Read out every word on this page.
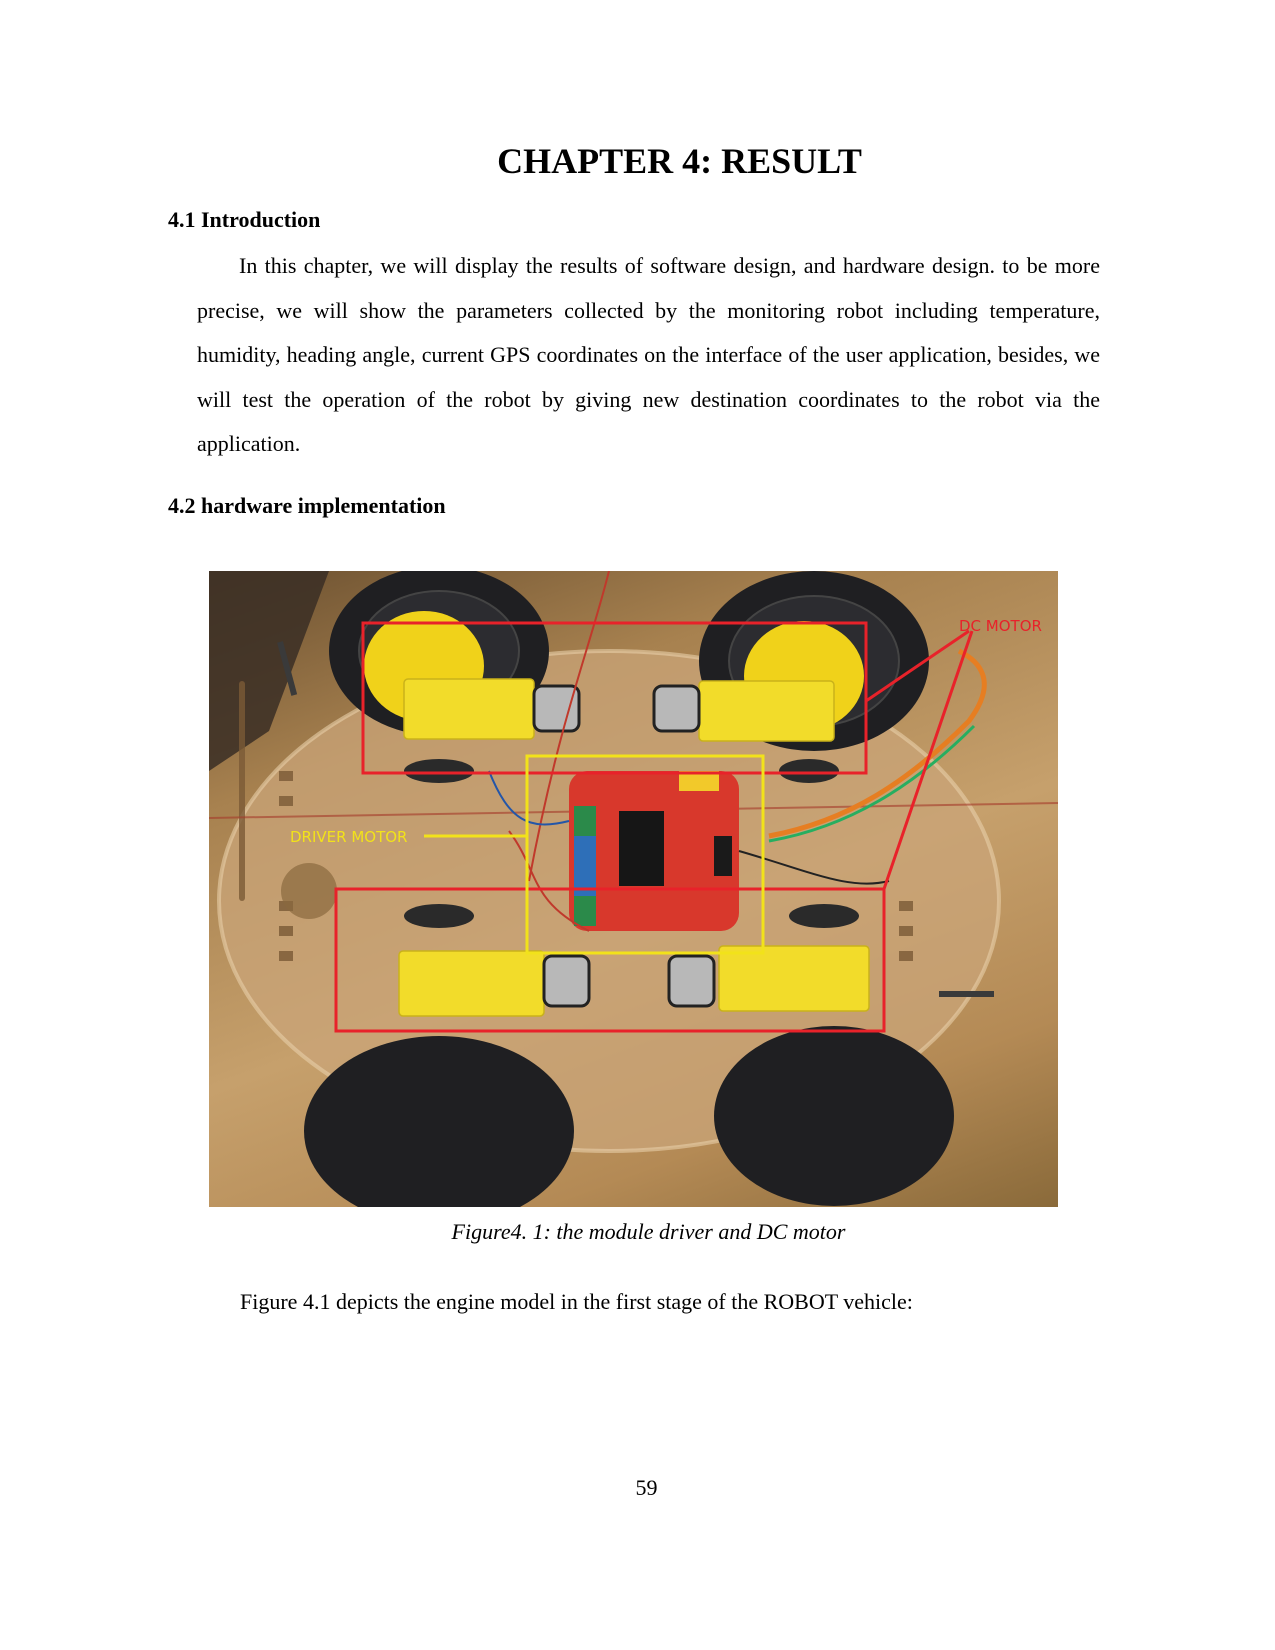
CHAPTER 4: RESULT
4.1 Introduction
In this chapter, we will display the results of software design, and hardware design. to be more precise, we will show the parameters collected by the monitoring robot including temperature, humidity, heading angle, current GPS coordinates on the interface of the user application, besides, we will test the operation of the robot by giving new destination coordinates to the robot via the application.
4.2 hardware implementation
DC MOTOR
DRIVER MOTOR
Figure4. 1: the module driver and DC motor
Figure 4.1 depicts the engine model in the first stage of the ROBOT vehicle:
59
